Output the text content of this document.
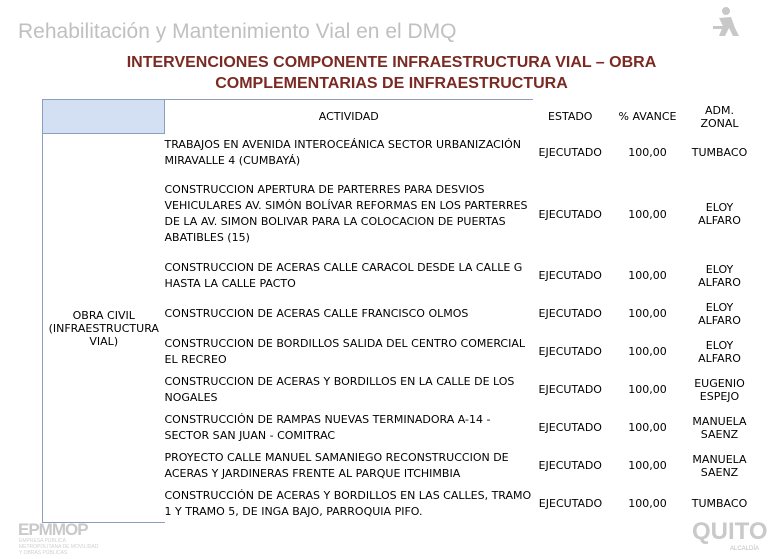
Rehabilitación y Mantenimiento Vial en el DMQ
INTERVENCIONES COMPONENTE INFRAESTRUCTURA VIAL – OBRA
COMPLEMENTARIAS DE INFRAESTRUCTURA
	ACTIVIDAD	ESTADO	% AVANCE	ADM. ZONAL
OBRA CIVIL (INFRAESTRUCTURA VIAL)	TRABAJOS EN AVENIDA INTEROCEÁNICA SECTOR URBANIZACIÓN MIRAVALLE 4 (CUMBAYÁ)	EJECUTADO	100,00	TUMBACO
	CONSTRUCCION APERTURA DE PARTERRES PARA DESVIOS VEHICULARES AV. SIMÓN BOLÍVAR REFORMAS EN LOS PARTERRES DE LA AV. SIMON BOLIVAR PARA LA COLOCACION DE PUERTAS ABATIBLES (15)	EJECUTADO	100,00	ELOY ALFARO
	CONSTRUCCION DE ACERAS CALLE CARACOL DESDE LA CALLE G HASTA LA CALLE PACTO	EJECUTADO	100,00	ELOY ALFARO
	CONSTRUCCION DE ACERAS CALLE FRANCISCO OLMOS	EJECUTADO	100,00	ELOY ALFARO
	CONSTRUCCION DE BORDILLOS SALIDA DEL CENTRO COMERCIAL EL RECREO	EJECUTADO	100,00	ELOY ALFARO
	CONSTRUCCION DE ACERAS Y BORDILLOS EN LA CALLE DE LOS NOGALES	EJECUTADO	100,00	EUGENIO ESPEJO
	CONSTRUCCIÓN DE RAMPAS NUEVAS TERMINADORA A-14 - SECTOR SAN JUAN - COMITRAC	EJECUTADO	100,00	MANUELA SAENZ
	PROYECTO CALLE MANUEL SAMANIEGO RECONSTRUCCION DE ACERAS Y JARDINERAS FRENTE AL PARQUE ITCHIMBIA	EJECUTADO	100,00	MANUELA SAENZ
	CONSTRUCCIÓN DE ACERAS Y BORDILLOS EN LAS CALLES, TRAMO 1 Y TRAMO 5, DE INGA BAJO, PARROQUIA PIFO.	EJECUTADO	100,00	TUMBACO
EPMMOP
EMPRESA PÚBLICA METROPOLITANA DE MOVILIDAD Y OBRAS PÚBLICAS
QUITO
ALCALDÍA
